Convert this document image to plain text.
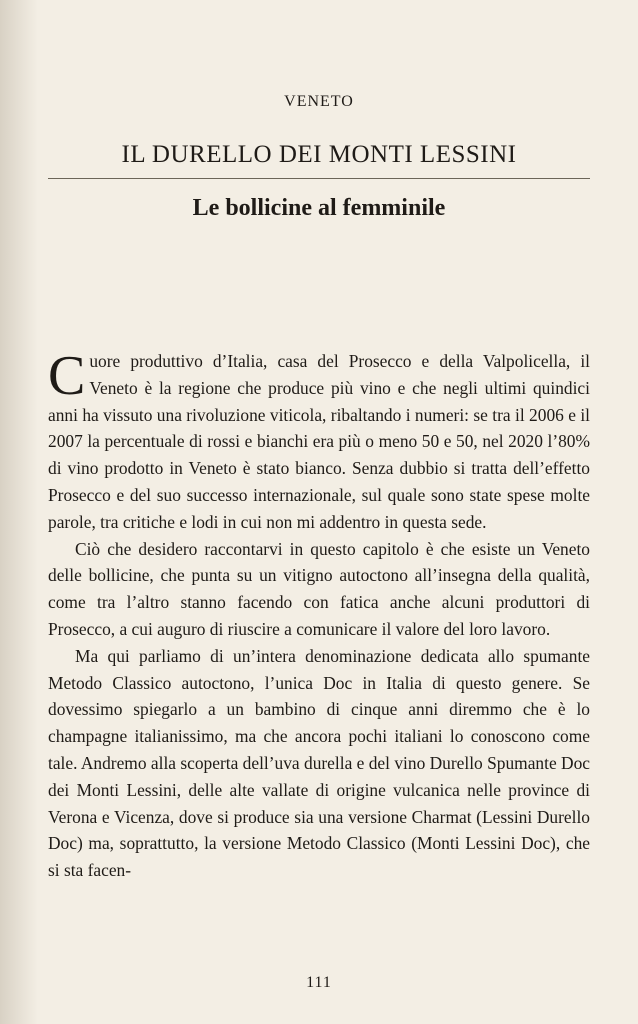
VENETO
IL DURELLO DEI MONTI LESSINI
Le bollicine al femminile

Cuore produttivo d’Italia, casa del Prosecco e della Valpolicella, il Veneto è la regione che produce più vino e che negli ultimi quindici anni ha vissuto una rivoluzione viticola, ribaltando i numeri: se tra il 2006 e il 2007 la percentuale di rossi e bianchi era più o meno 50 e 50, nel 2020 l’80% di vino prodotto in Veneto è stato bianco. Senza dubbio si tratta dell’effetto Prosecco e del suo successo internazionale, sul quale sono state spese molte parole, tra critiche e lodi in cui non mi addentro in questa sede.

Ciò che desidero raccontarvi in questo capitolo è che esiste un Veneto delle bollicine, che punta su un vitigno autoctono all’insegna della qualità, come tra l’altro stanno facendo con fatica anche alcuni produttori di Prosecco, a cui auguro di riuscire a comunicare il valore del loro lavoro.

Ma qui parliamo di un’intera denominazione dedicata allo spumante Metodo Classico autoctono, l’unica Doc in Italia di questo genere. Se dovessimo spiegarlo a un bambino di cinque anni diremmo che è lo champagne italianissimo, ma che ancora pochi italiani lo conoscono come tale. Andremo alla scoperta dell’uva durella e del vino Durello Spumante Doc dei Monti Lessini, delle alte vallate di origine vulcanica nelle province di Verona e Vicenza, dove si produce sia una versione Charmat (Lessini Durello Doc) ma, soprattutto, la versione Metodo Classico (Monti Lessini Doc), che si sta facen-

111
